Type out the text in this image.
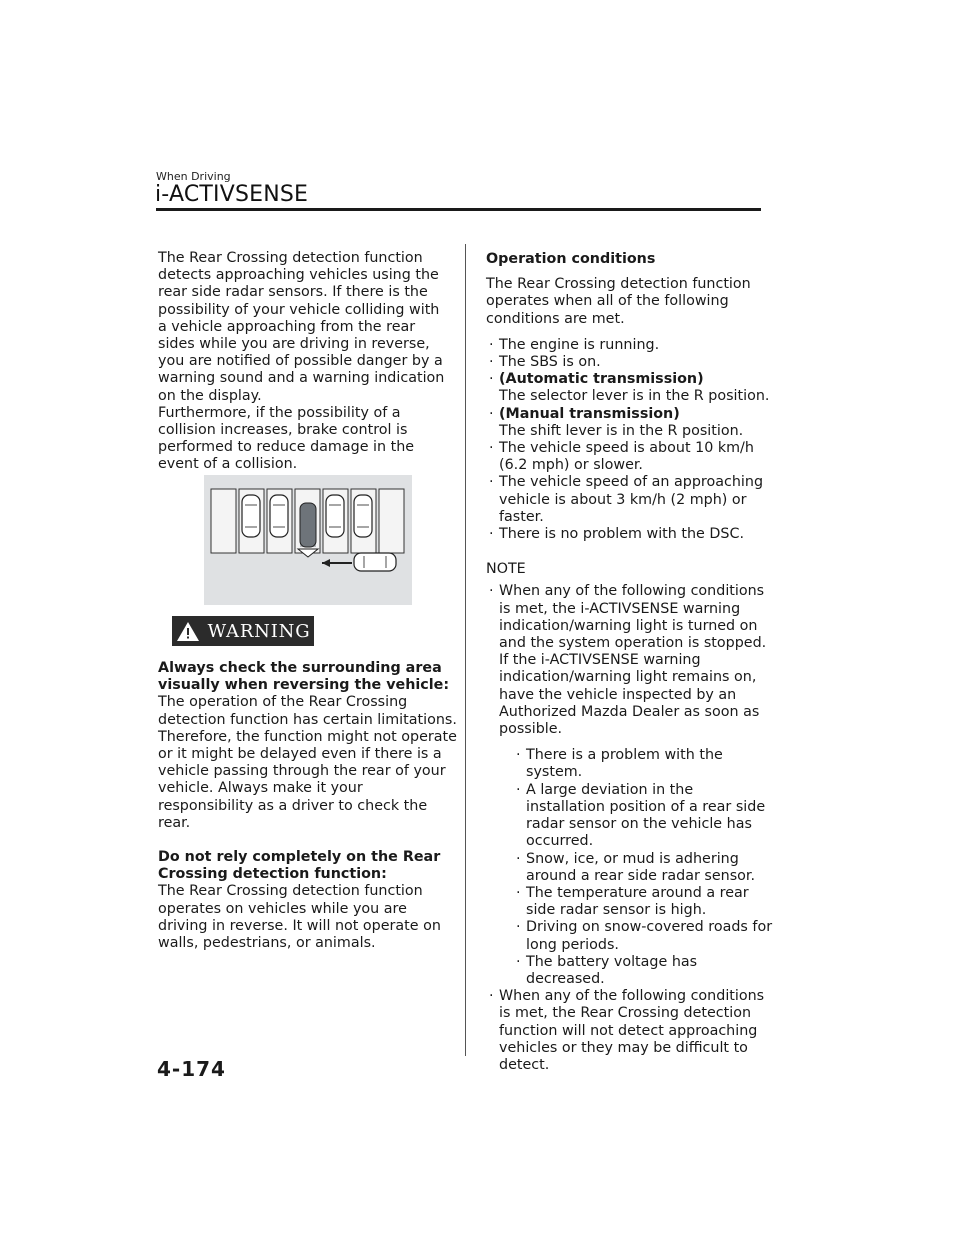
When Driving
i-ACTIVSENSE

The Rear Crossing detection function detects approaching vehicles using the rear side radar sensors. If there is the possibility of your vehicle colliding with a vehicle approaching from the rear sides while you are driving in reverse, you are notified of possible danger by a warning sound and a warning indication on the display.
Furthermore, if the possibility of a collision increases, brake control is performed to reduce damage in the event of a collision.

WARNING

Always check the surrounding area visually when reversing the vehicle:

The operation of the Rear Crossing detection function has certain limitations. Therefore, the function might not operate or it might be delayed even if there is a vehicle passing through the rear of your vehicle. Always make it your responsibility as a driver to check the rear.

Do not rely completely on the Rear Crossing detection function:

The Rear Crossing detection function operates on vehicles while you are driving in reverse. It will not operate on walls, pedestrians, or animals.

Operation conditions

The Rear Crossing detection function operates when all of the following conditions are met.

· The engine is running.
· The SBS is on.
· (Automatic transmission)
The selector lever is in the R position.
· (Manual transmission)
The shift lever is in the R position.
· The vehicle speed is about 10 km/h (6.2 mph) or slower.
· The vehicle speed of an approaching vehicle is about 3 km/h (2 mph) or faster.
· There is no problem with the DSC.

NOTE

· When any of the following conditions is met, the i-ACTIVSENSE warning indication/warning light is turned on and the system operation is stopped. If the i-ACTIVSENSE warning indication/warning light remains on, have the vehicle inspected by an Authorized Mazda Dealer as soon as possible.
· There is a problem with the system.
· A large deviation in the installation position of a rear side radar sensor on the vehicle has occurred.
· Snow, ice, or mud is adhering around a rear side radar sensor.
· The temperature around a rear side radar sensor is high.
· Driving on snow-covered roads for long periods.
· The battery voltage has decreased.
· When any of the following conditions is met, the Rear Crossing detection function will not detect approaching vehicles or they may be difficult to detect.
4-174
